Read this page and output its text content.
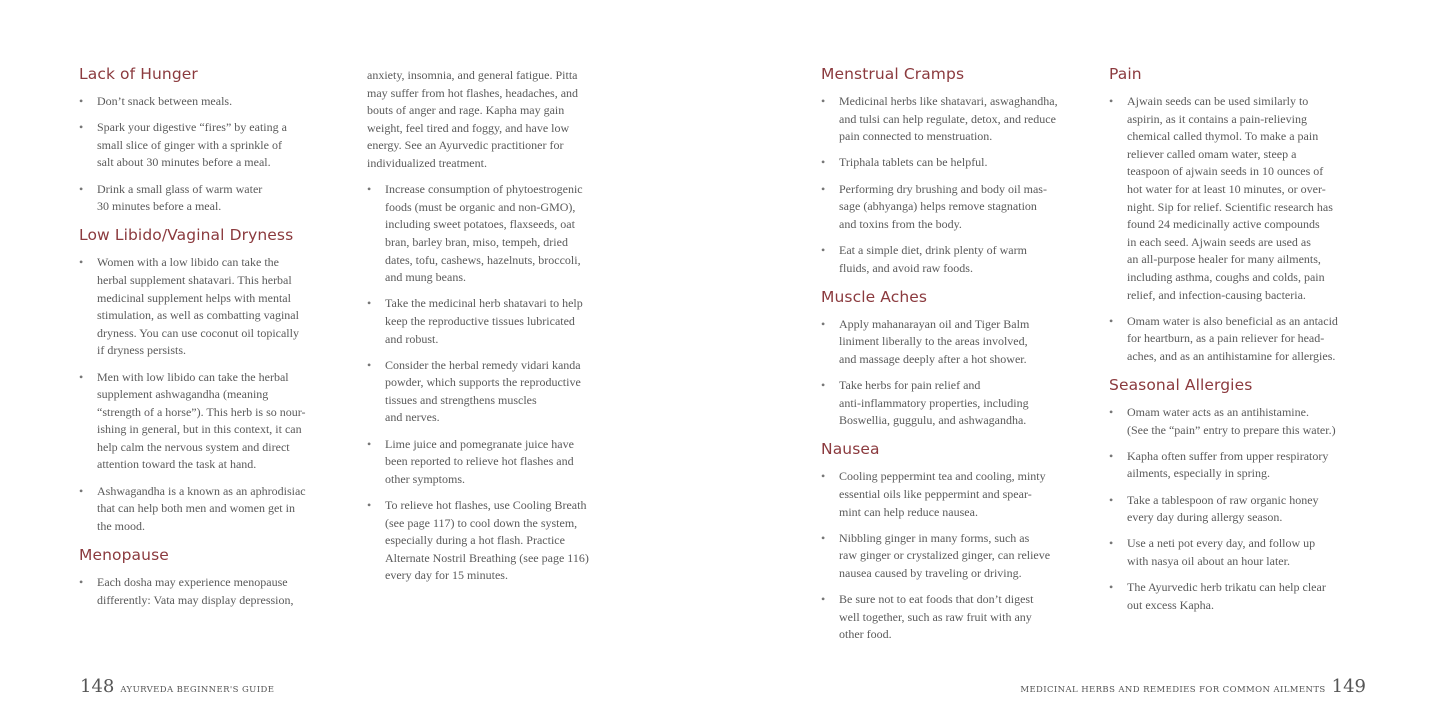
Lack of Hunger
• Don’t snack between meals.
• Spark your digestive “fires” by eating a
small slice of ginger with a sprinkle of
salt about 30 minutes before a meal.
• Drink a small glass of warm water
30 minutes before a meal.
Low Libido/Vaginal Dryness
• Women with a low libido can take the
herbal supplement shatavari. This herbal
medicinal supplement helps with mental
stimulation, as well as combatting vaginal
dryness. You can use coconut oil topically
if dryness persists.
• Men with low libido can take the herbal
supplement ashwagandha (meaning
“strength of a horse”). This herb is so nour-
ishing in general, but in this context, it can
help calm the nervous system and direct
attention toward the task at hand.
• Ashwagandha is a known as an aphrodisiac
that can help both men and women get in
the mood.
Menopause
• Each dosha may experience menopause
differently: Vata may display depression,
anxiety, insomnia, and general fatigue. Pitta
may suffer from hot flashes, headaches, and
bouts of anger and rage. Kapha may gain
weight, feel tired and foggy, and have low
energy. See an Ayurvedic practitioner for
individualized treatment.
• Increase consumption of phytoestrogenic
foods (must be organic and non-GMO),
including sweet potatoes, flaxseeds, oat
bran, barley bran, miso, tempeh, dried
dates, tofu, cashews, hazelnuts, broccoli,
and mung beans.
• Take the medicinal herb shatavari to help
keep the reproductive tissues lubricated
and robust.
• Consider the herbal remedy vidari kanda
powder, which supports the reproductive
tissues and strengthens muscles
and nerves.
• Lime juice and pomegranate juice have
been reported to relieve hot flashes and
other symptoms.
• To relieve hot flashes, use Cooling Breath
(see page 117) to cool down the system,
especially during a hot flash. Practice
Alternate Nostril Breathing (see page 116)
every day for 15 minutes.
Menstrual Cramps
• Medicinal herbs like shatavari, aswaghandha,
and tulsi can help regulate, detox, and reduce
pain connected to menstruation.
• Triphala tablets can be helpful.
• Performing dry brushing and body oil mas-
sage (abhyanga) helps remove stagnation
and toxins from the body.
• Eat a simple diet, drink plenty of warm
fluids, and avoid raw foods.
Muscle Aches
• Apply mahanarayan oil and Tiger Balm
liniment liberally to the areas involved,
and massage deeply after a hot shower.
• Take herbs for pain relief and
anti-inflammatory properties, including
Boswellia, guggulu, and ashwagandha.
Nausea
• Cooling peppermint tea and cooling, minty
essential oils like peppermint and spear-
mint can help reduce nausea.
• Nibbling ginger in many forms, such as
raw ginger or crystalized ginger, can relieve
nausea caused by traveling or driving.
• Be sure not to eat foods that don’t digest
well together, such as raw fruit with any
other food.
Pain
• Ajwain seeds can be used similarly to
aspirin, as it contains a pain-relieving
chemical called thymol. To make a pain
reliever called omam water, steep a
teaspoon of ajwain seeds in 10 ounces of
hot water for at least 10 minutes, or over-
night. Sip for relief. Scientific research has
found 24 medicinally active compounds
in each seed. Ajwain seeds are used as
an all-purpose healer for many ailments,
including asthma, coughs and colds, pain
relief, and infection-causing bacteria.
• Omam water is also beneficial as an antacid
for heartburn, as a pain reliever for head-
aches, and as an antihistamine for allergies.
Seasonal Allergies
• Omam water acts as an antihistamine.
(See the “pain” entry to prepare this water.)
• Kapha often suffer from upper respiratory
ailments, especially in spring.
• Take a tablespoon of raw organic honey
every day during allergy season.
• Use a neti pot every day, and follow up
with nasya oil about an hour later.
• The Ayurvedic herb trikatu can help clear
out excess Kapha.
148 AYURVEDA BEGINNER'S GUIDE	MEDICINAL HERBS AND REMEDIES FOR COMMON AILMENTS 149
